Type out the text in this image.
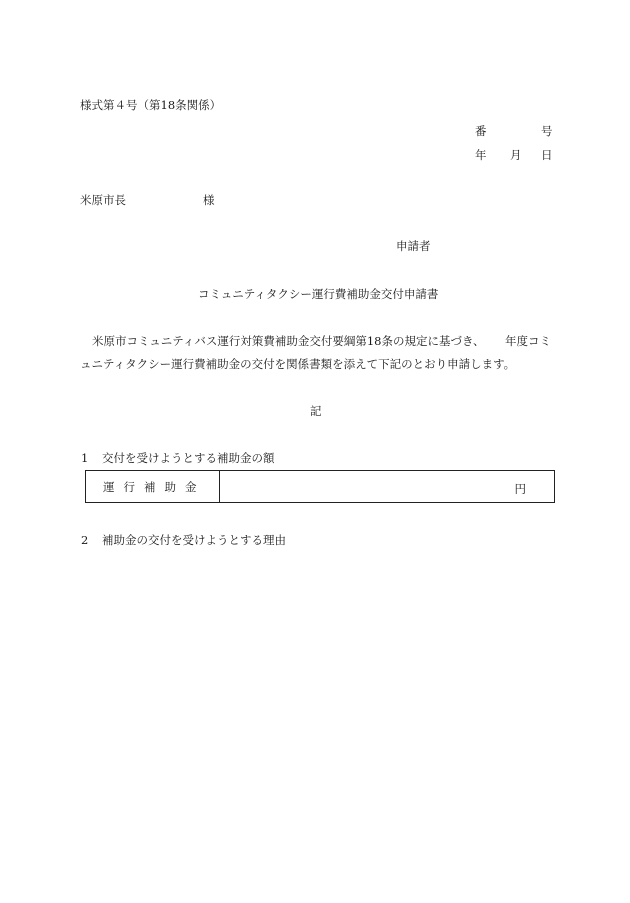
様式第４号（第18条関係）
番	号
年 月 日
米原市長	様
申請者
コミュニティタクシー運行費補助金交付申請書
米原市コミュニティバス運行対策費補助金交付要綱第18条の規定に基づき、 年度コミ
ュニティタクシー運行費補助金の交付を関係書類を添えて下記のとおり申請します。
記
1 交付を受けようとする補助金の額
運行補助金	円
2 補助金の交付を受けようとする理由
